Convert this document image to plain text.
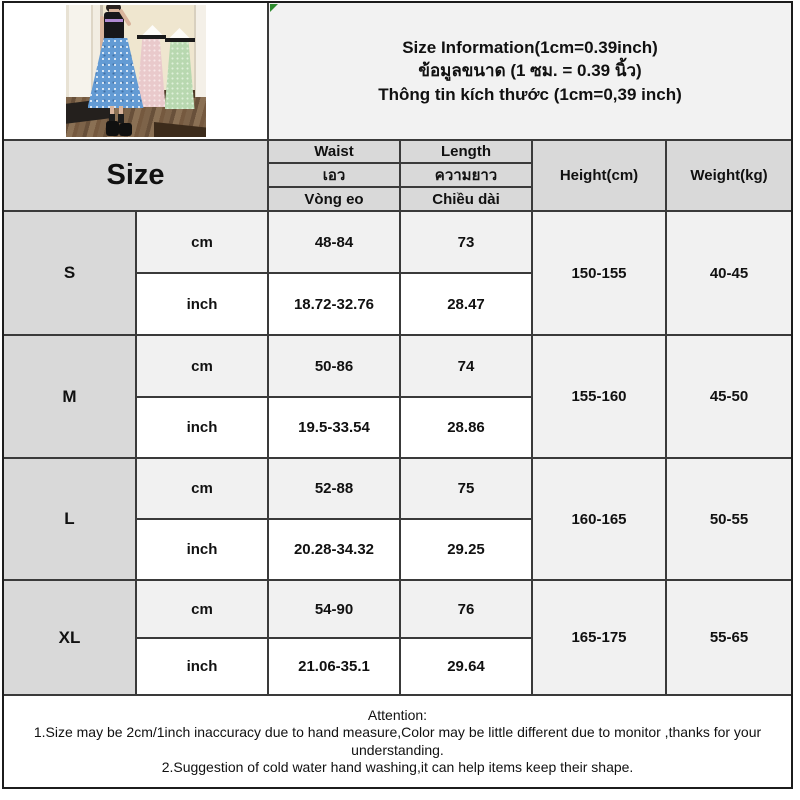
Size Information(1cm=0.39inch)
ข้อมูลขนาด (1 ซม. = 0.39 นิ้ว)
Thông tin kích thước (1cm=0,39 inch)
Size
Waist	Length
เอว	ความยาว
Vòng eo	Chiều dài
Height(cm)	Weight(kg)
S
cm	48-84	73
inch	18.72-32.76	28.47
150-155	40-45
M
cm	50-86	74
inch	19.5-33.54	28.86
155-160	45-50
L
cm	52-88	75
inch	20.28-34.32	29.25
160-165	50-55
XL
cm	54-90	76
inch	21.06-35.1	29.64
165-175	55-65
Attention:
1.Size may be 2cm/1inch inaccuracy due to hand measure,Color may be little different due to monitor ,thanks for your understanding.
2.Suggestion of cold water hand washing,it can help items keep their shape.
